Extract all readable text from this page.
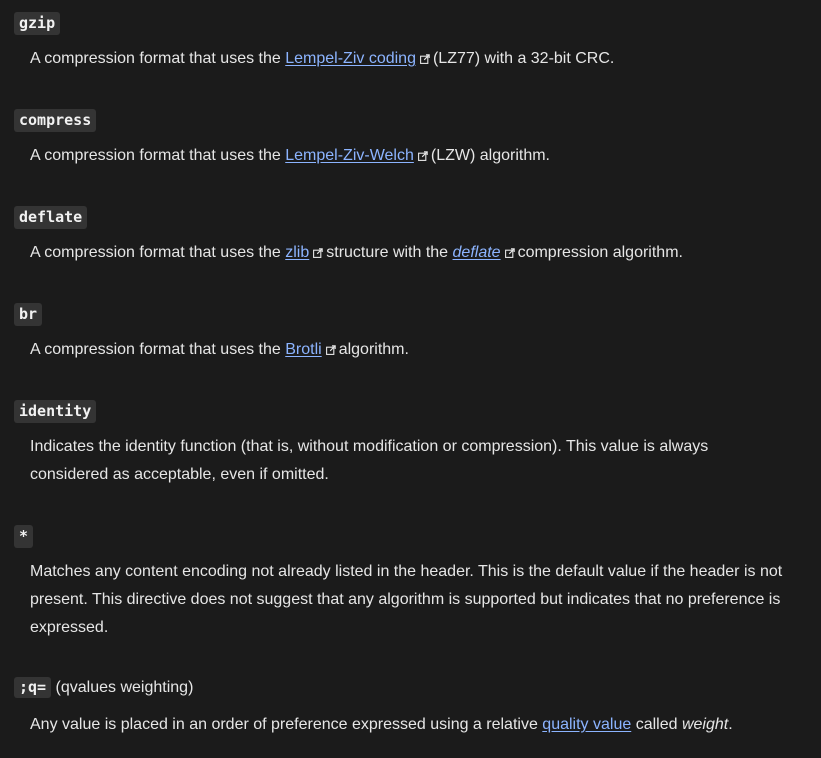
gzip
A compression format that uses the Lempel-Ziv coding (LZ77) with a 32-bit CRC.
compress
A compression format that uses the Lempel-Ziv-Welch (LZW) algorithm.
deflate
A compression format that uses the zlib structure with the deflate compression algorithm.
br
A compression format that uses the Brotli algorithm.
identity
Indicates the identity function (that is, without modification or compression). This value is always considered as acceptable, even if omitted.
*
Matches any content encoding not already listed in the header. This is the default value if the header is not present. This directive does not suggest that any algorithm is supported but indicates that no preference is expressed.
;q= (qvalues weighting)
Any value is placed in an order of preference expressed using a relative quality value called weight.
